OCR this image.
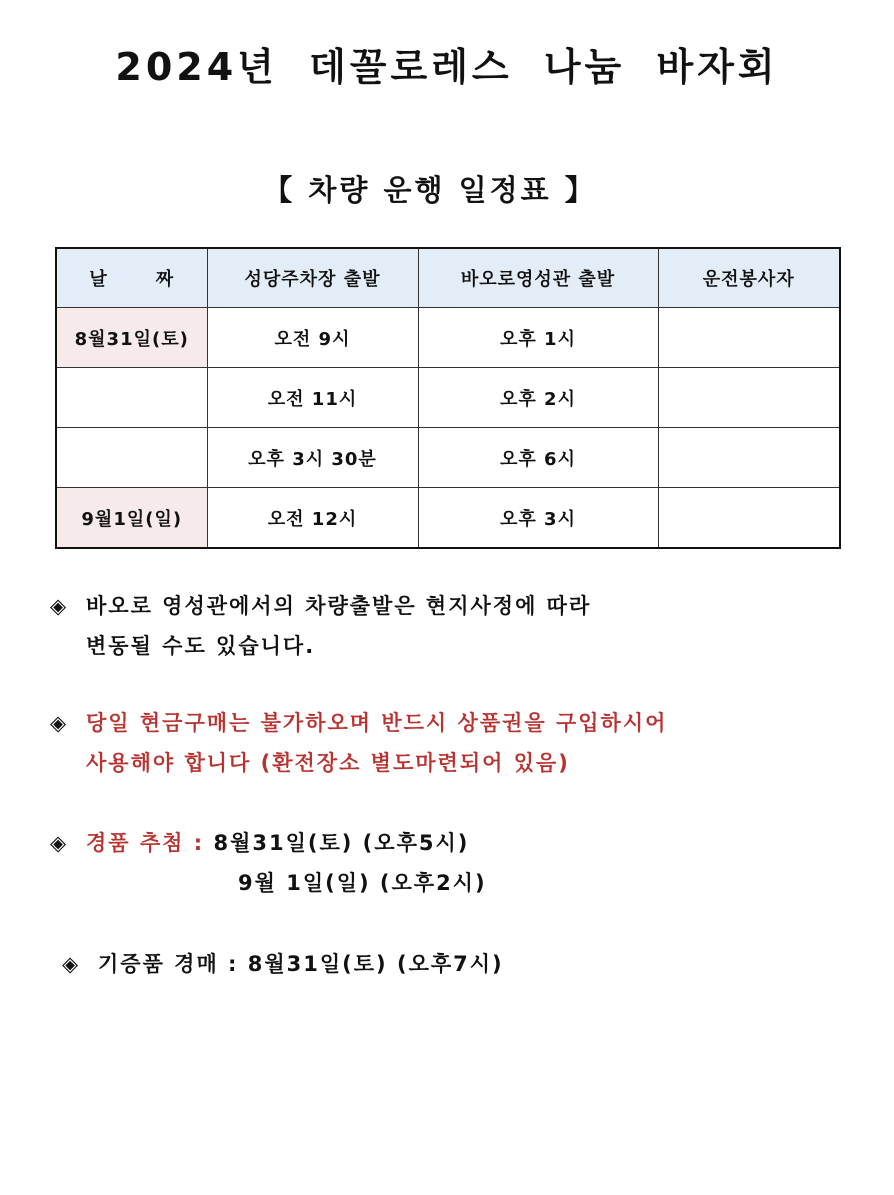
2024년 데꼴로레스 나눔 바자회
【 차량 운행 일정표 】
날 짜	성당주차장 출발	바오로영성관 출발	운전봉사자
8월31일(토)	오전 9시	오후 1시	
	오전 11시	오후 2시	
	오후 3시 30분	오후 6시	
9월1일(일)	오전 12시	오후 3시	
◈ 바오로 영성관에서의 차량출발은 현지사정에 따라
변동될 수도 있습니다.
◈ 당일 현금구매는 불가하오며 반드시 상품권을 구입하시어
사용해야 합니다 (환전장소 별도마련되어 있음)
◈ 경품 추첨 : 8월31일(토) (오후5시)
9월 1일(일) (오후2시)
◈ 기증품 경매 : 8월31일(토) (오후7시)
